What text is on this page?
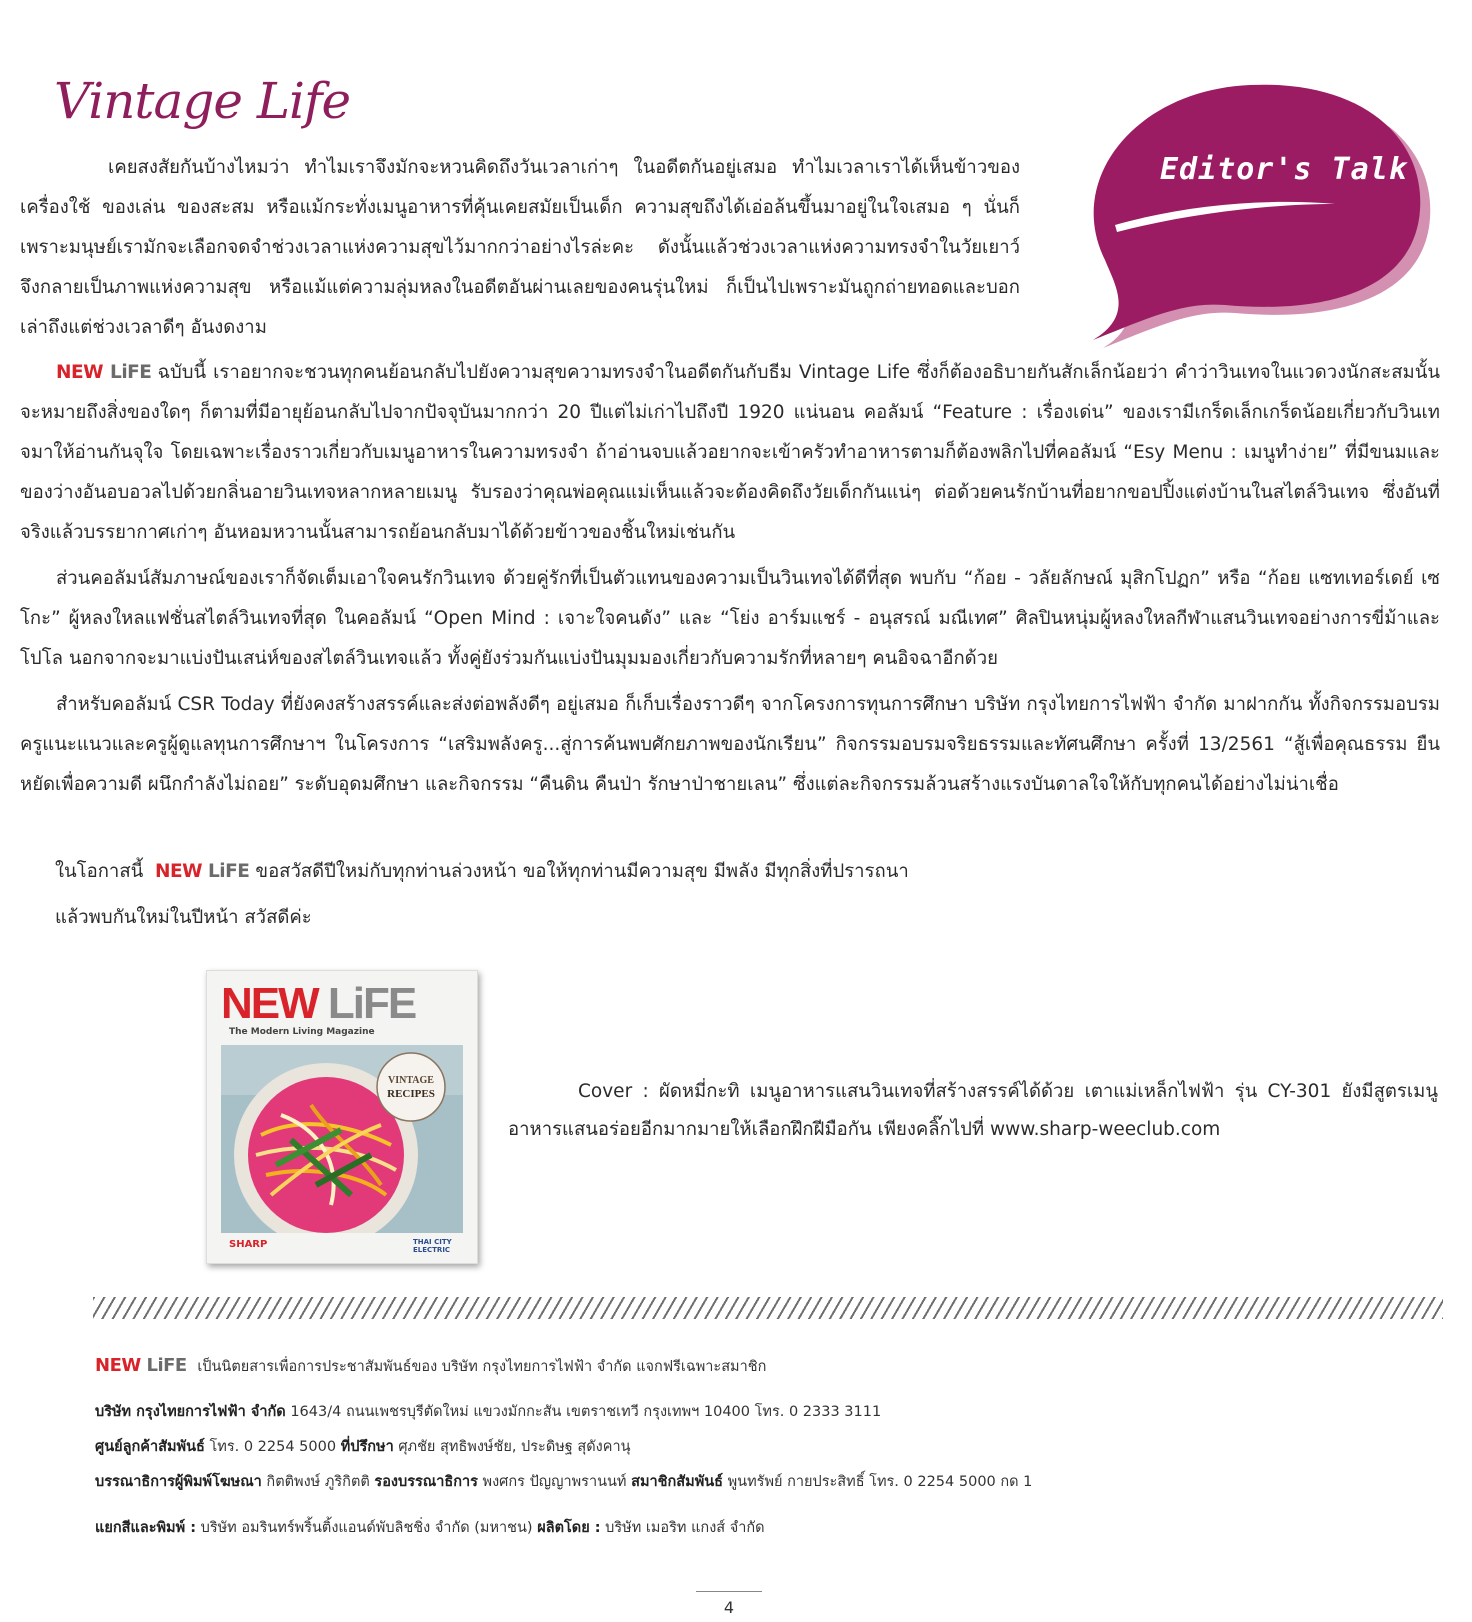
Vintage Life
Editor's Talk

เคยสงสัยกันบ้างไหมว่า ทำไมเราจึงมักจะหวนคิดถึงวันเวลาเก่าๆ ในอดีตกันอยู่เสมอ ทำไมเวลาเราได้เห็นข้าวของเครื่องใช้ ของเล่น ของสะสม หรือแม้กระทั่งเมนูอาหารที่คุ้นเคยสมัยเป็นเด็ก ความสุขถึงได้เอ่อล้นขึ้นมาอยู่ในใจเสมอ ๆ นั่นก็เพราะมนุษย์เรามักจะเลือกจดจำช่วงเวลาแห่งความสุขไว้มากกว่าอย่างไรล่ะคะ ดังนั้นแล้วช่วงเวลาแห่งความทรงจำในวัยเยาว์จึงกลายเป็นภาพแห่งความสุข หรือแม้แต่ความลุ่มหลงในอดีตอันผ่านเลยของคนรุ่นใหม่ ก็เป็นไปเพราะมันถูกถ่ายทอดและบอกเล่าถึงแต่ช่วงเวลาดีๆ อันงดงาม

NEW LiFE ฉบับนี้ เราอยากจะชวนทุกคนย้อนกลับไปยังความสุขความทรงจำในอดีตกันกับธีม Vintage Life ซึ่งก็ต้องอธิบายกันสักเล็กน้อยว่า คำว่าวินเทจในแวดวงนักสะสมนั้น จะหมายถึงสิ่งของใดๆ ก็ตามที่มีอายุย้อนกลับไปจากปัจจุบันมากกว่า 20 ปีแต่ไม่เก่าไปถึงปี 1920 แน่นอน คอลัมน์ “Feature : เรื่องเด่น” ของเรามีเกร็ดเล็กเกร็ดน้อยเกี่ยวกับวินเทจมาให้อ่านกันจุใจ โดยเฉพาะเรื่องราวเกี่ยวกับเมนูอาหารในความทรงจำ ถ้าอ่านจบแล้วอยากจะเข้าครัวทำอาหารตามก็ต้องพลิกไปที่คอลัมน์ “Esy Menu : เมนูทำง่าย” ที่มีขนมและของว่างอันอบอวลไปด้วยกลิ่นอายวินเทจหลากหลายเมนู รับรองว่าคุณพ่อคุณแม่เห็นแล้วจะต้องคิดถึงวัยเด็กกันแน่ๆ ต่อด้วยคนรักบ้านที่อยากขอปปิ้งแต่งบ้านในสไตล์วินเทจ ซึ่งอันที่จริงแล้วบรรยากาศเก่าๆ อันหอมหวานนั้นสามารถย้อนกลับมาได้ด้วยข้าวของชิ้นใหม่เช่นกัน

ส่วนคอลัมน์สัมภาษณ์ของเราก็จัดเต็มเอาใจคนรักวินเทจ ด้วยคู่รักที่เป็นตัวแทนของความเป็นวินเทจได้ดีที่สุด พบกับ “ก้อย - วลัยลักษณ์ มุสิกโปฏก” หรือ “ก้อย แซทเทอร์เดย์ เซโกะ” ผู้หลงใหลแฟชั่นสไตล์วินเทจที่สุด ในคอลัมน์ “Open Mind : เจาะใจคนดัง” และ “โย่ง อาร์มแชร์ - อนุสรณ์ มณีเทศ” ศิลปินหนุ่มผู้หลงใหลกีฬาแสนวินเทจอย่างการขี่ม้าและโปโล นอกจากจะมาแบ่งปันเสน่ห์ของสไตล์วินเทจแล้ว ทั้งคู่ยังร่วมกันแบ่งปันมุมมองเกี่ยวกับความรักที่หลายๆ คนอิจฉาอีกด้วย

สำหรับคอลัมน์ CSR Today ที่ยังคงสร้างสรรค์และส่งต่อพลังดีๆ อยู่เสมอ ก็เก็บเรื่องราวดีๆ จากโครงการทุนการศึกษา บริษัท กรุงไทยการไฟฟ้า จำกัด มาฝากกัน ทั้งกิจกรรมอบรมครูแนะแนวและครูผู้ดูแลทุนการศึกษาฯ ในโครงการ “เสริมพลังครู...สู่การค้นพบศักยภาพของนักเรียน” กิจกรรมอบรมจริยธรรมและทัศนศึกษา ครั้งที่ 13/2561 “สู้เพื่อคุณธรรม ยืนหยัดเพื่อความดี ผนึกกำลังไม่ถอย” ระดับอุดมศึกษา และกิจกรรม “คืนดิน คืนป่า รักษาป่าชายเลน” ซึ่งแต่ละกิจกรรมล้วนสร้างแรงบันดาลใจให้กับทุกคนได้อย่างไม่น่าเชื่อ

ในโอกาสนี้ NEW LiFE ขอสวัสดีปีใหม่กับทุกท่านล่วงหน้า ขอให้ทุกท่านมีความสุข มีพลัง มีทุกสิ่งที่ปรารถนา

แล้วพบกันใหม่ในปีหน้า สวัสดีค่ะ

NEW LiFE
The Modern Living Magazine
VINTAGE
RECIPES
SHARP	THAI CITY ELECTRIC
Cover : ผัดหมี่กะทิ เมนูอาหารแสนวินเทจที่สร้างสรรค์ได้ด้วย เตาแม่เหล็กไฟฟ้า รุ่น CY-301 ยังมีสูตรเมนูอาหารแสนอร่อยอีกมากมายให้เลือกฝึกฝีมือกัน เพียงคลิ๊กไปที่ www.sharp-weeclub.com
NEW LiFE เป็นนิตยสารเพื่อการประชาสัมพันธ์ของ บริษัท กรุงไทยการไฟฟ้า จำกัด แจกฟรีเฉพาะสมาชิก
บริษัท กรุงไทยการไฟฟ้า จำกัด 1643/4 ถนนเพชรบุรีตัดใหม่ แขวงมักกะสัน เขตราชเทวี กรุงเทพฯ 10400 โทร. 0 2333 3111
ศูนย์ลูกค้าสัมพันธ์ โทร. 0 2254 5000 ที่ปรึกษา ศุภชัย สุทธิพงษ์ชัย, ประดิษฐ สุดังคานุ
บรรณาธิการผู้พิมพ์โฆษณา กิตติพงษ์ ภูริกิตติ รองบรรณาธิการ พงศกร ปัญญาพรานนท์ สมาชิกสัมพันธ์ พูนทรัพย์ กายประสิทธิ์ โทร. 0 2254 5000 กด 1
แยกสีและพิมพ์ : บริษัท อมรินทร์พริ้นติ้งแอนด์พับลิชชิ่ง จำกัด (มหาชน) ผลิตโดย : บริษัท เมอริท แกงส์ จำกัด
4
